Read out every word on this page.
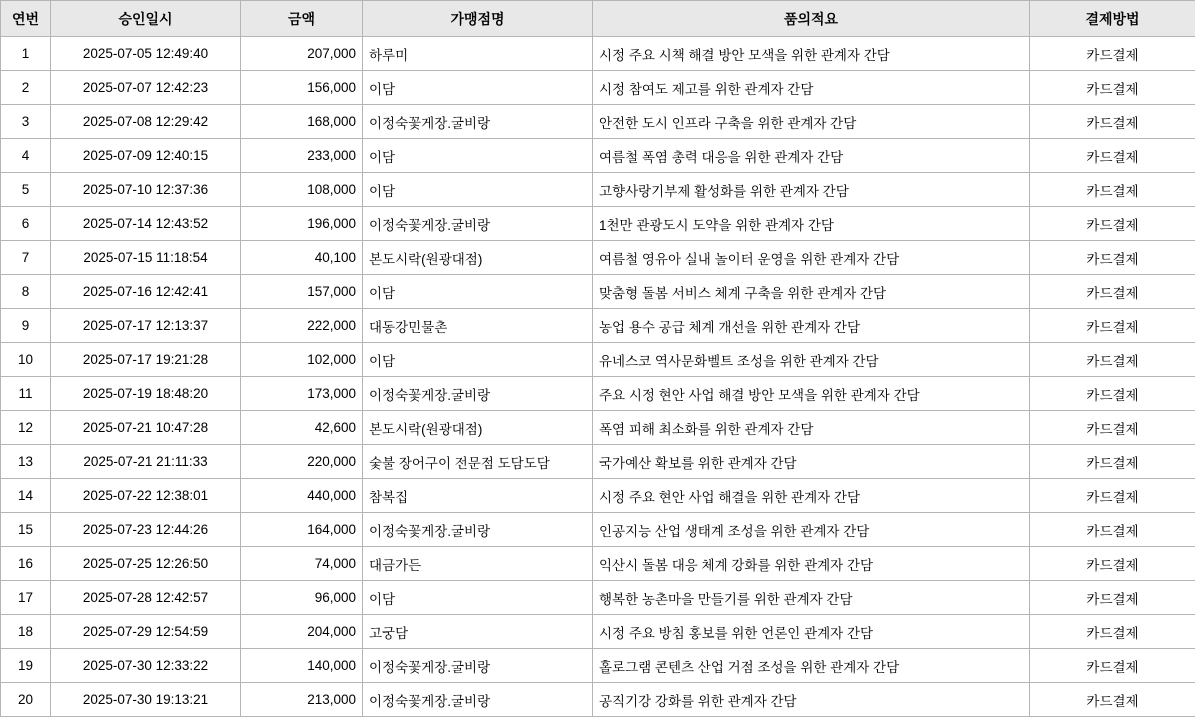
연번	승인일시	금액	가맹점명	품의적요	결제방법
1	2025-07-05 12:49:40	207,000	하루미	시정 주요 시책 해결 방안 모색을 위한 관계자 간담	카드결제
2	2025-07-07 12:42:23	156,000	이담	시정 참여도 제고를 위한 관계자 간담	카드결제
3	2025-07-08 12:29:42	168,000	이정숙꽃게장.굴비랑	안전한 도시 인프라 구축을 위한 관계자 간담	카드결제
4	2025-07-09 12:40:15	233,000	이담	여름철 폭염 총력 대응을 위한 관계자 간담	카드결제
5	2025-07-10 12:37:36	108,000	이담	고향사랑기부제 활성화를 위한 관계자 간담	카드결제
6	2025-07-14 12:43:52	196,000	이정숙꽃게장.굴비랑	1천만 관광도시 도약을 위한 관계자 간담	카드결제
7	2025-07-15 11:18:54	40,100	본도시락(원광대점)	여름철 영유아 실내 놀이터 운영을 위한 관계자 간담	카드결제
8	2025-07-16 12:42:41	157,000	이담	맞춤형 돌봄 서비스 체계 구축을 위한 관계자 간담	카드결제
9	2025-07-17 12:13:37	222,000	대동강민물촌	농업 용수 공급 체계 개선을 위한 관계자 간담	카드결제
10	2025-07-17 19:21:28	102,000	이담	유네스코 역사문화벨트 조성을 위한 관계자 간담	카드결제
11	2025-07-19 18:48:20	173,000	이정숙꽃게장.굴비랑	주요 시정 현안 사업 해결 방안 모색을 위한 관계자 간담	카드결제
12	2025-07-21 10:47:28	42,600	본도시락(원광대점)	폭염 피해 최소화를 위한 관계자 간담	카드결제
13	2025-07-21 21:11:33	220,000	숯불 장어구이 전문점 도담도담	국가예산 확보를 위한 관계자 간담	카드결제
14	2025-07-22 12:38:01	440,000	참복집	시정 주요 현안 사업 해결을 위한 관계자 간담	카드결제
15	2025-07-23 12:44:26	164,000	이정숙꽃게장.굴비랑	인공지능 산업 생태계 조성을 위한 관계자 간담	카드결제
16	2025-07-25 12:26:50	74,000	대금가든	익산시 돌봄 대응 체계 강화를 위한 관계자 간담	카드결제
17	2025-07-28 12:42:57	96,000	이담	행복한 농촌마을 만들기를 위한 관계자 간담	카드결제
18	2025-07-29 12:54:59	204,000	고궁담	시정 주요 방침 홍보를 위한 언론인 관계자 간담	카드결제
19	2025-07-30 12:33:22	140,000	이정숙꽃게장.굴비랑	홀로그램 콘텐츠 산업 거점 조성을 위한 관계자 간담	카드결제
20	2025-07-30 19:13:21	213,000	이정숙꽃게장.굴비랑	공직기강 강화를 위한 관계자 간담	카드결제
